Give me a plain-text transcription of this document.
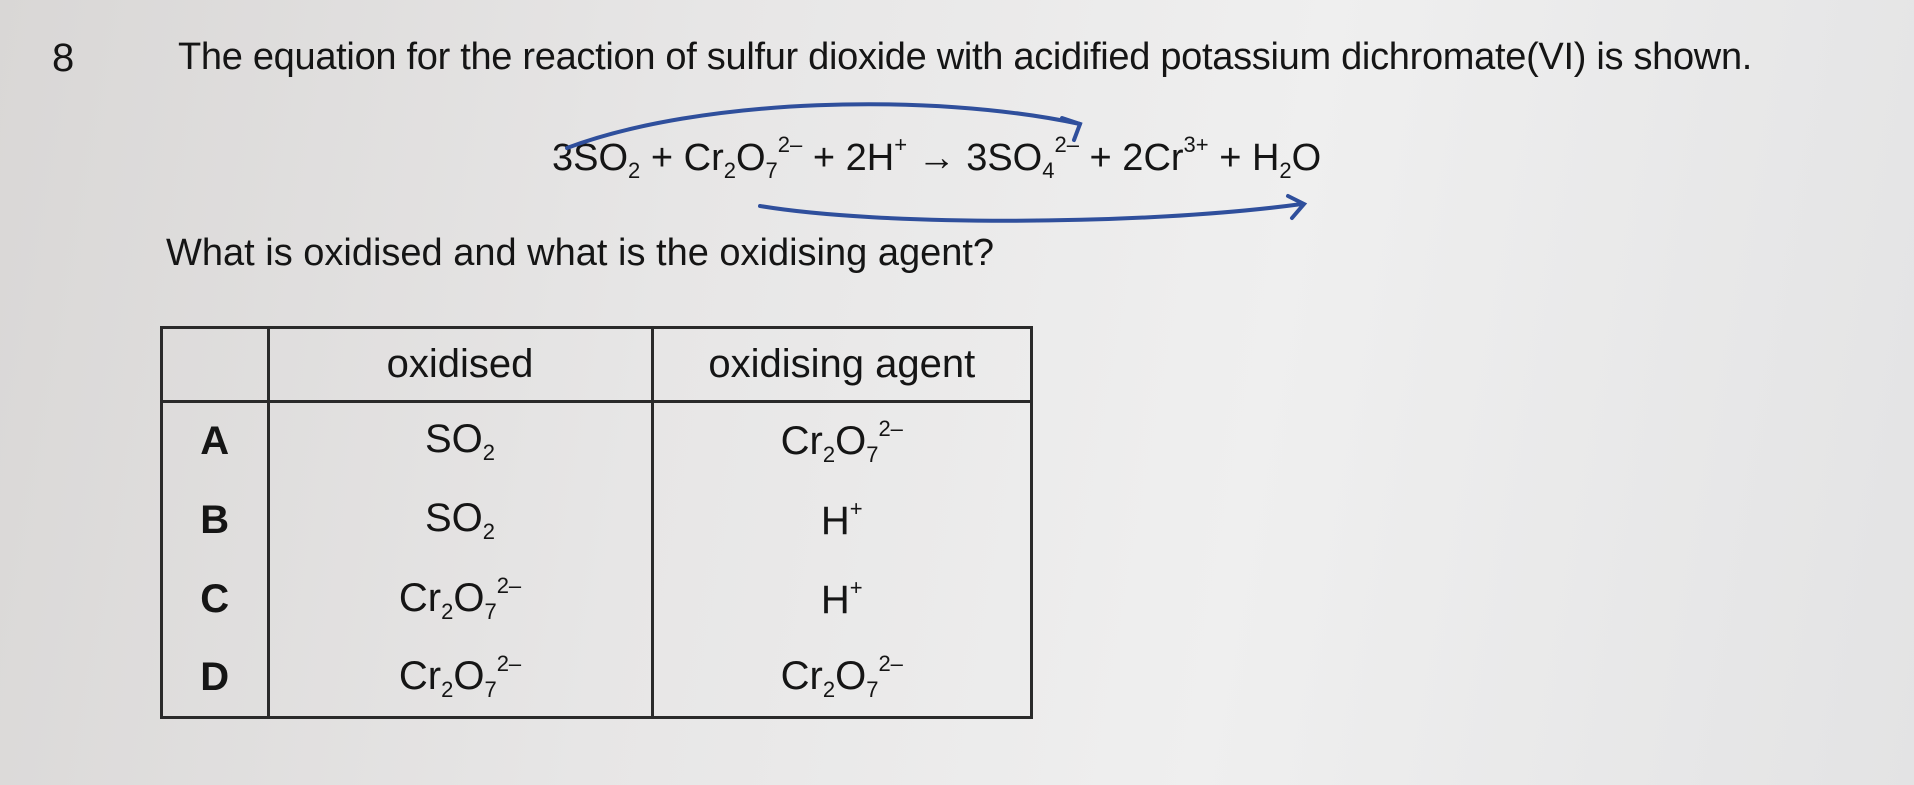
8	The equation for the reaction of sulfur dioxide with acidified potassium dichromate(VI) is shown.
$3SO_2 + Cr_2O_7^{2-} + 2H^+ \to 3SO_4^{2-} + 2Cr^{3+} + H_2O$
What is oxidised and what is the oxidising agent?
	oxidised	oxidising agent
A	$SO_2$	$Cr_2O_7^{2-}$
B	$SO_2$	H+
C	$Cr_2O_7^{2-}$	H+
D	$Cr_2O_7^{2-}$	$Cr_2O_7^{2-}$
